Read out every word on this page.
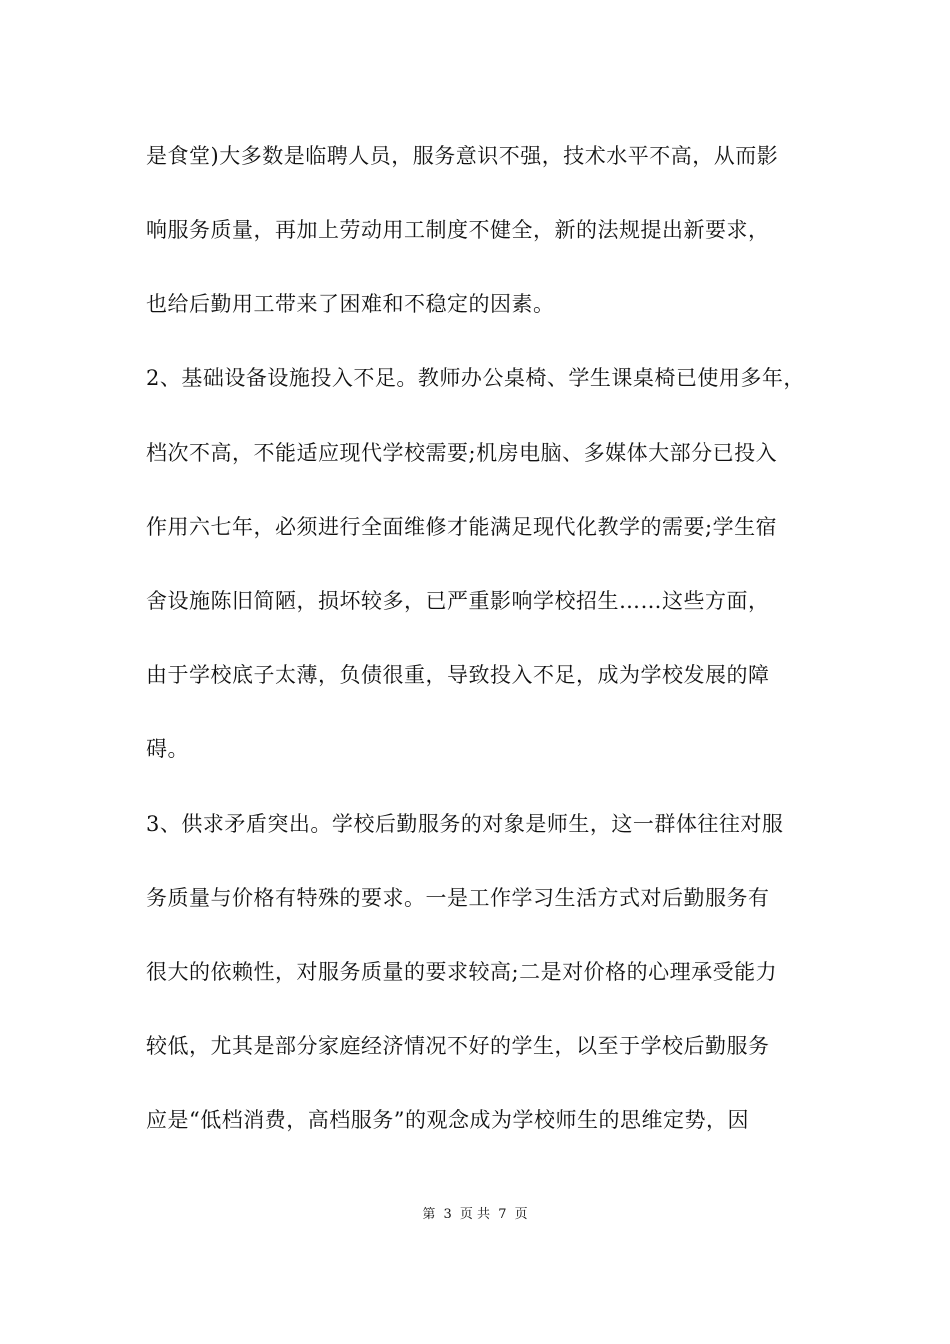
是食堂)大多数是临聘人员，服务意识不强，技术水平不高，从而影
响服务质量，再加上劳动用工制度不健全，新的法规提出新要求，
也给后勤用工带来了困难和不稳定的因素。
2、基础设备设施投入不足。教师办公桌椅、学生课桌椅已使用多年，
档次不高，不能适应现代学校需要;机房电脑、多媒体大部分已投入
作用六七年，必须进行全面维修才能满足现代化教学的需要;学生宿
舍设施陈旧简陋，损坏较多，已严重影响学校招生……这些方面，
由于学校底子太薄，负债很重，导致投入不足，成为学校发展的障
碍。
3、供求矛盾突出。学校后勤服务的对象是师生，这一群体往往对服
务质量与价格有特殊的要求。一是工作学习生活方式对后勤服务有
很大的依赖性，对服务质量的要求较高;二是对价格的心理承受能力
较低，尤其是部分家庭经济情况不好的学生，以至于学校后勤服务
应是“低档消费，高档服务”的观念成为学校师生的思维定势，因
第 3 页 共 7 页
